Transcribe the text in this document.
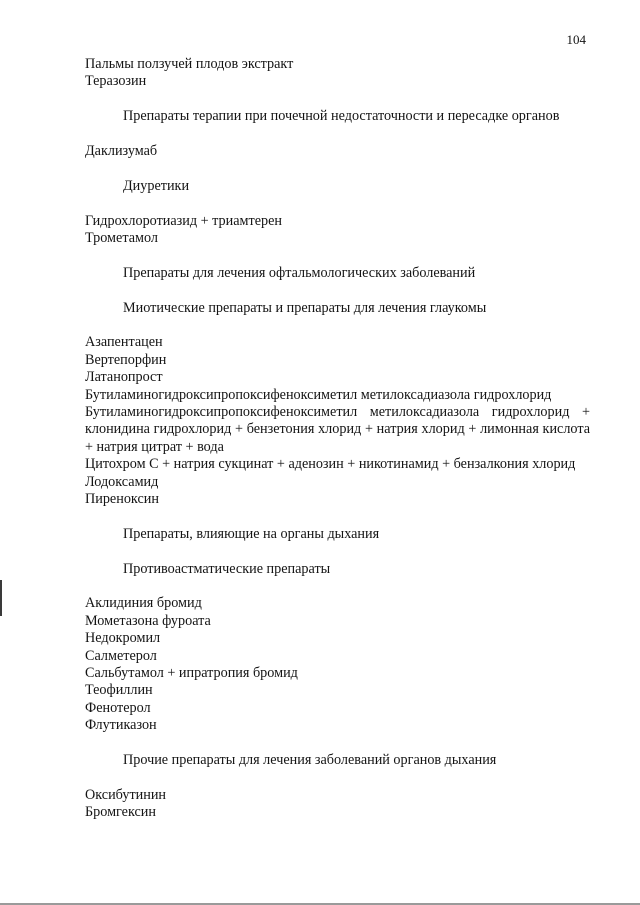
104
Пальмы ползучей плодов экстракт
Теразозин
Препараты терапии при почечной недостаточности и пересадке органов
Даклизумаб
Диуретики
Гидрохлоротиазид + триамтерен
Трометамол
Препараты для лечения офтальмологических заболеваний
Миотические препараты и препараты для лечения глаукомы
Азапентацен
Вертепорфин
Латанопрост
Бутиламиногидроксипропоксифеноксиметил метилоксадиазола гидрохлорид
Бутиламиногидроксипропоксифеноксиметил метилоксадиазола гидрохлорид + клонидина гидрохлорид + бензетония хлорид + натрия хлорид + лимонная кислота + натрия цитрат + вода
Цитохром С + натрия сукцинат + аденозин + никотинамид + бензалкония хлорид
Лодоксамид
Пиреноксин
Препараты, влияющие на органы дыхания
Противоастматические препараты
Аклидиния бромид
Мометазона фуроата
Недокромил
Салметерол
Сальбутамол + ипратропия бромид
Теофиллин
Фенотерол
Флутиказон
Прочие препараты для лечения заболеваний органов дыхания
Оксибутинин
Бромгексин
